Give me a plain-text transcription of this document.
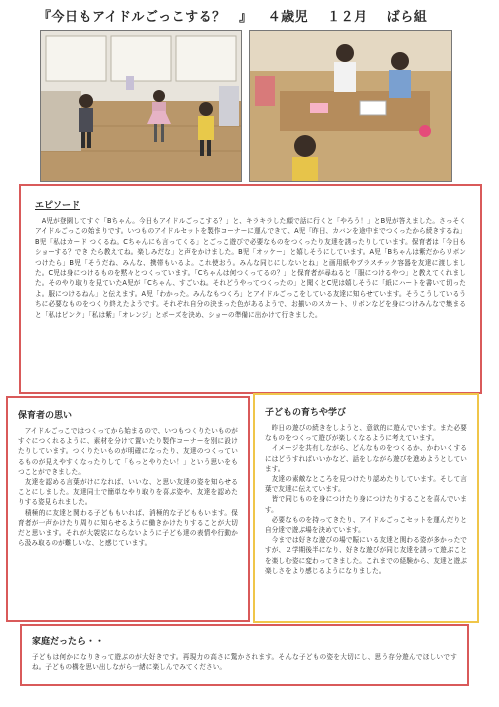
『今日もアイドルごっこする？　』 ４歳児 １２月 ばら組
エピソード
　A児が登園してすぐ「Bちゃん。今日もアイドルごっこする？」と、キラキラした顔で話に行くと「やろう！」とB児が答えました。さっそくアイドルごっこの始まりです。いつものアイドルセットを製作コーナーに運んできて、A児「昨日、カバンを途中までつくったから続きするね」B児「私はカード つくるね。Cちゃんにも言ってくる」とごっこ遊びで必要なものをつくったり友達を誘ったりしています。保育者は「今日もショーする？でき たら教えてね。楽しみだな」と声をかけました。B児「オッケー」と嬉しそうにしています。A児「Bちゃんは紫だからリボンつけたら」B児「そうだね、みんな、携帯もいるよ。これ使おう。みんな同じにしないとね」と画用紙やプラスチック容器を友達に渡しました。C児は身につけるものを黙々とつくっています。「Cちゃんは何つくってるの？」と保育者が尋ねると「服につけるやつ」と教えてくれました。そのやり取りを見ていたA児が「Cちゃん、すごいね。それどうやってつくったの」と聞くとC児は嬉しそうに「紙にハートを書いて切ったよ。服につけるねん」と伝えます。A児「わかった。みんなもつくろ」とアイドルごっこをしている友達に知らせています。そうこうしているうちに必要なものをつくり終えたようです。それぞれ自分の決まった色があるようで、お揃いのスカート、リボンなどを身につけみんなで集まると「私はピンク」「私は紫」「オレンジ」とポーズを決め、ショーの準備に出かけて行きました。
保育者の思い
　アイドルごっこではつくってから始まるので、いつもつくりたいものがすぐにつくれるように、素材を分けて置いたり製作コーナーを別に設けたりしています。つくりたいものが明確になったり、友達のつくっているものが見えやすくなったりして「もっとやりたい！」という思いをもつことができました。
　友達を認める言葉がけになれば、いいな、と思い友達の姿を知らせることにしました。友達同士で簡単なやり取りを喜ぶ姿や、友達を認めたりする姿見られました。
　積極的に友達と関わる子どももいれば、消極的な子どももいます。保育者が一声かけたり周りに知らせるように働きかけたりすることが大切だと思います。それが大袈裟にならないように子ども達の表情や行動から汲み取るのが難しいな、と感じています。
子どもの育ちや学び
　昨日の遊びの続きをしようと、意欲的に遊んでいます。また必要なものをつくって遊びが楽しくなるように考えています。
　イメージを共有しながら、どんなものをつくるか、かわいくするにはどうすればいいかなど、話をしながら遊びを進めようとしています。
　友達の素敵なところを見つけたり認めたりしています。そして言葉で友達に伝えています。
　皆で同じものを身につけたり身につけたりすることを喜んでいます。
　必要なものを持ってきたり、アイドルごっこセットを運んだりと自分達で遊ぶ場を決めています。
　今までは好きな遊びの場で賑にいる友達と関わる姿が多かったですが、２学期後半になり、好きな遊びが同じ友達を誘って遊ぶことを楽しむ姿に変わってきました。これまでの経験から、友達と遊ぶ楽しさをより感じるようになりました。
家庭だったら・・
子どもは何かになりきって遊ぶのが大好きです。再現力の高さに驚かされます。そんな子どもの姿を大切にし、思う存分遊んでほしいですね。子どもの構を思い出しながら一緒に楽しんでみてください。
